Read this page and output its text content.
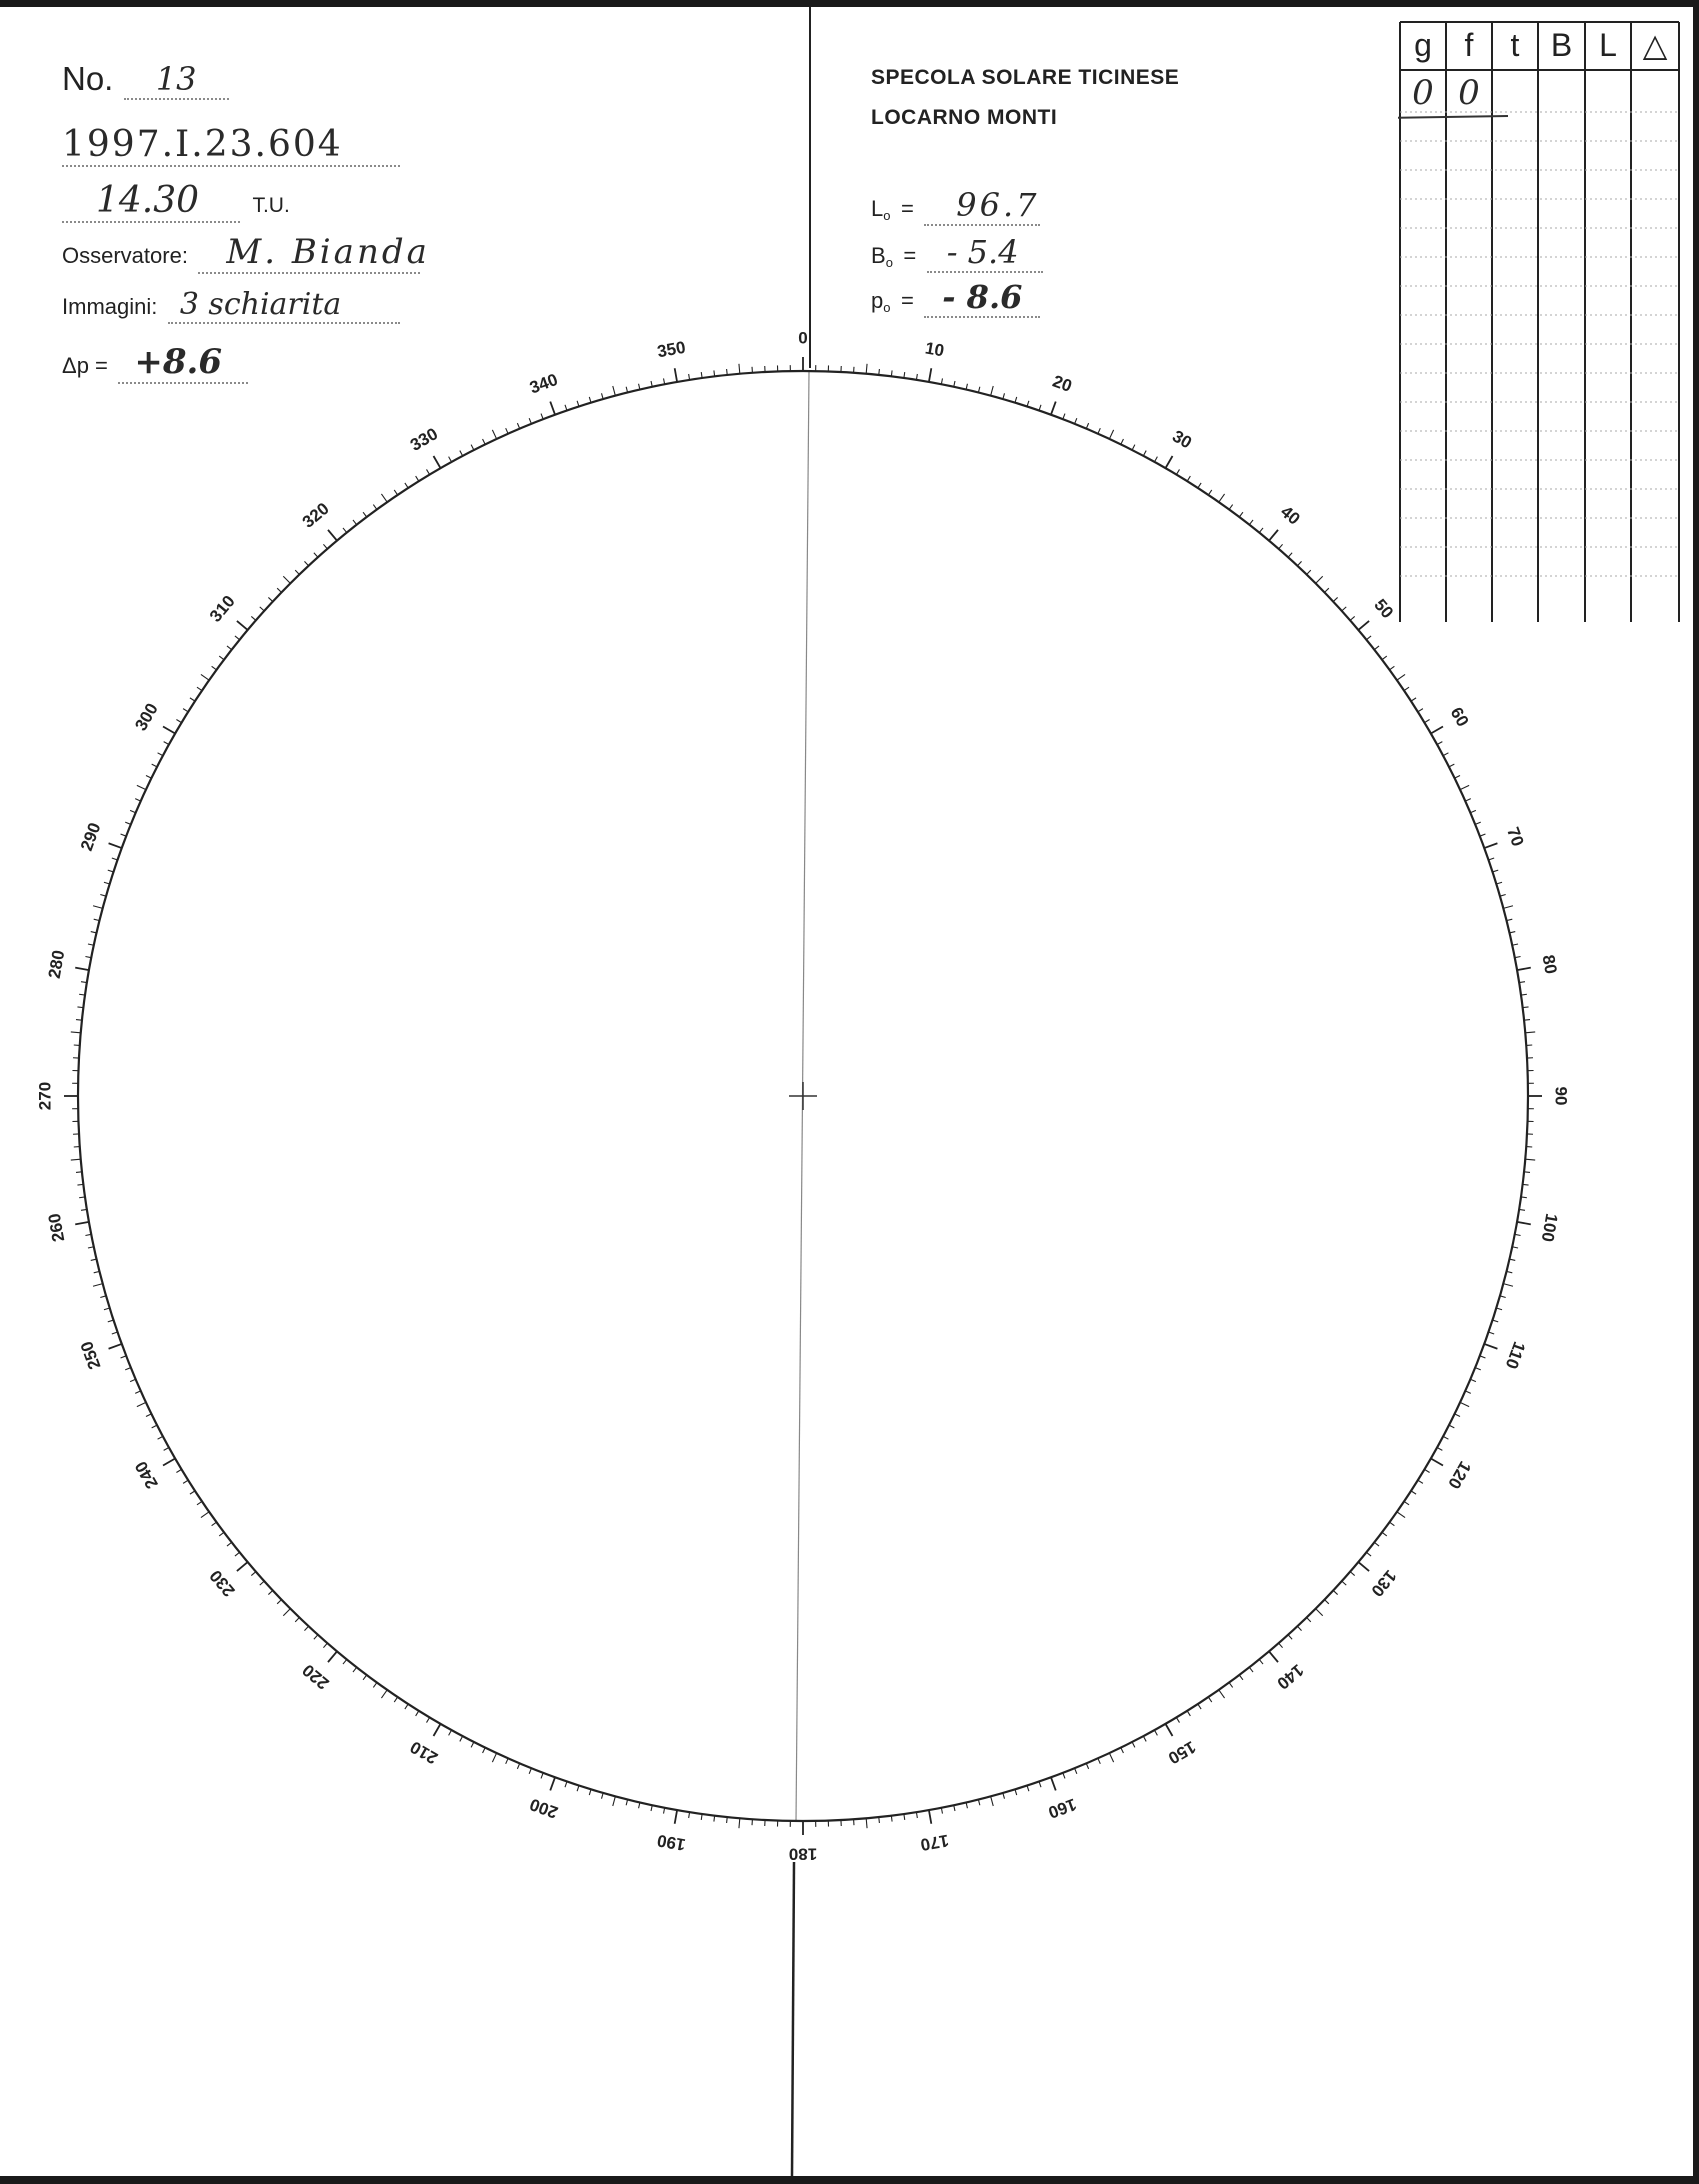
No. 13
1997.I.23.604
14.30	T.U.
Osservatore: M. Bianda
Immagini: 3 schiarita
Δp = +8.6
SPECOLA SOLARE TICINESE
LOCARNO MONTI
$L_o = 96.7$
$B_o$ = - 5.4
$p_o$ = - 8.6
0
10
20
30
40
50
60
70
80
90
100
110
120
130
140
150
160
170
180
190
200
210
220
230
240
250
260
270
280
290
300
310
320
330
340
350
g f t B L △
0 0
